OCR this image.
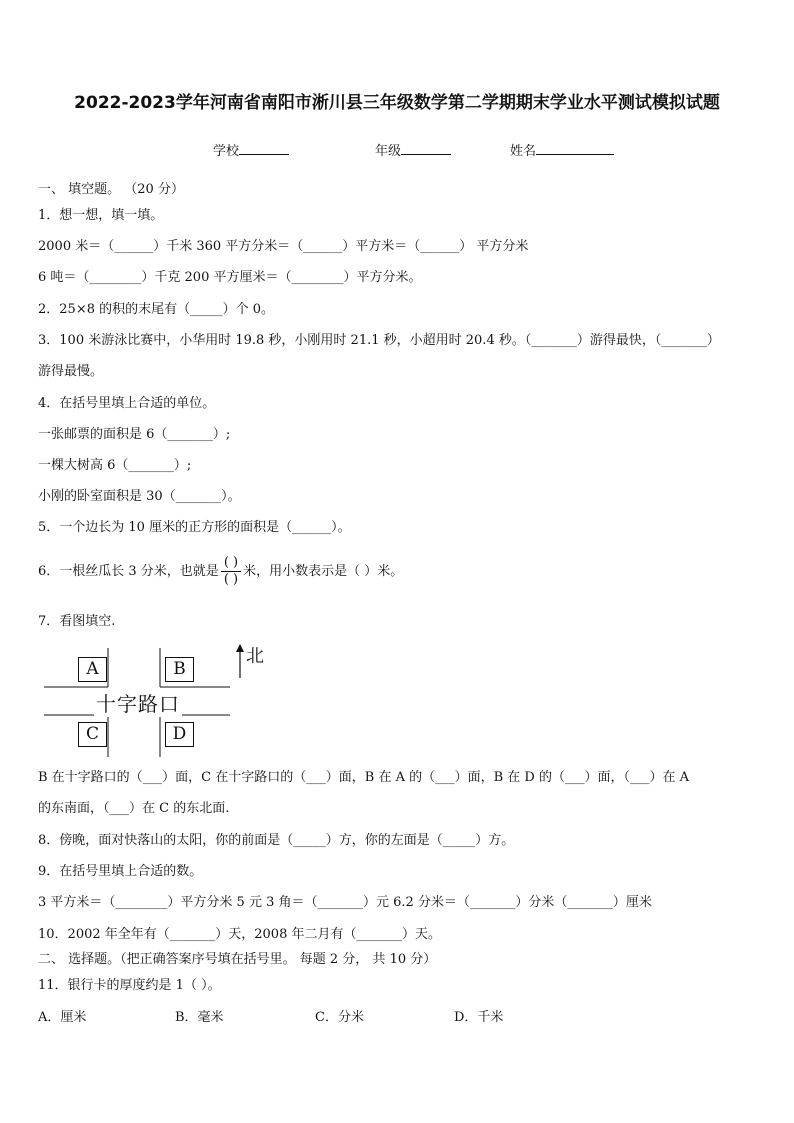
2022-2023学年河南省南阳市淅川县三年级数学第二学期期末学业水平测试模拟试题
学校	年级	姓名
一、 填空题。 （20 分）
1．想一想，填一填。
2000 米＝（______）千米 360 平方分米＝（______）平方米＝（______） 平方分米
6 吨＝（________）千克 200 平方厘米＝（________）平方分米。
2．25×8 的积的末尾有（_____）个 0。
3．100 米游泳比赛中，小华用时 19.8 秒，小刚用时 21.1 秒，小超用时 20.4 秒。（_______）游得最快，（_______）
游得最慢。
4．在括号里填上合适的单位。
一张邮票的面积是 6（_______）;
一棵大树高 6（_______）;
小刚的卧室面积是 30（_______）。
5．一个边长为 10 厘米的正方形的面积是（______）。
6．一根丝瓜长 3 分米，也就是 $\frac{( )}{( )}$ 米，用小数表示是（ ）米。
7．看图填空.
A	B
C	D
十字路口
北
B 在十字路口的（___）面，C 在十字路口的（___）面，B 在 A 的（___）面，B 在 D 的（___）面，（___）在 A
的东南面，（___）在 C 的东北面.
8．傍晚，面对快落山的太阳，你的前面是（_____）方，你的左面是（_____）方。
9．在括号里填上合适的数。
3 平方米＝（________）平方分米 5 元 3 角＝（_______）元 6.2 分米＝（_______）分米（_______）厘米
10．2002 年全年有（_______）天，2008 年二月有（_______）天。
二、 选择题。（把正确答案序号填在括号里。 每题 2 分， 共 10 分）
11．银行卡的厚度约是 1（ ）。
A．厘米	B．毫米	C．分米	D．千米
